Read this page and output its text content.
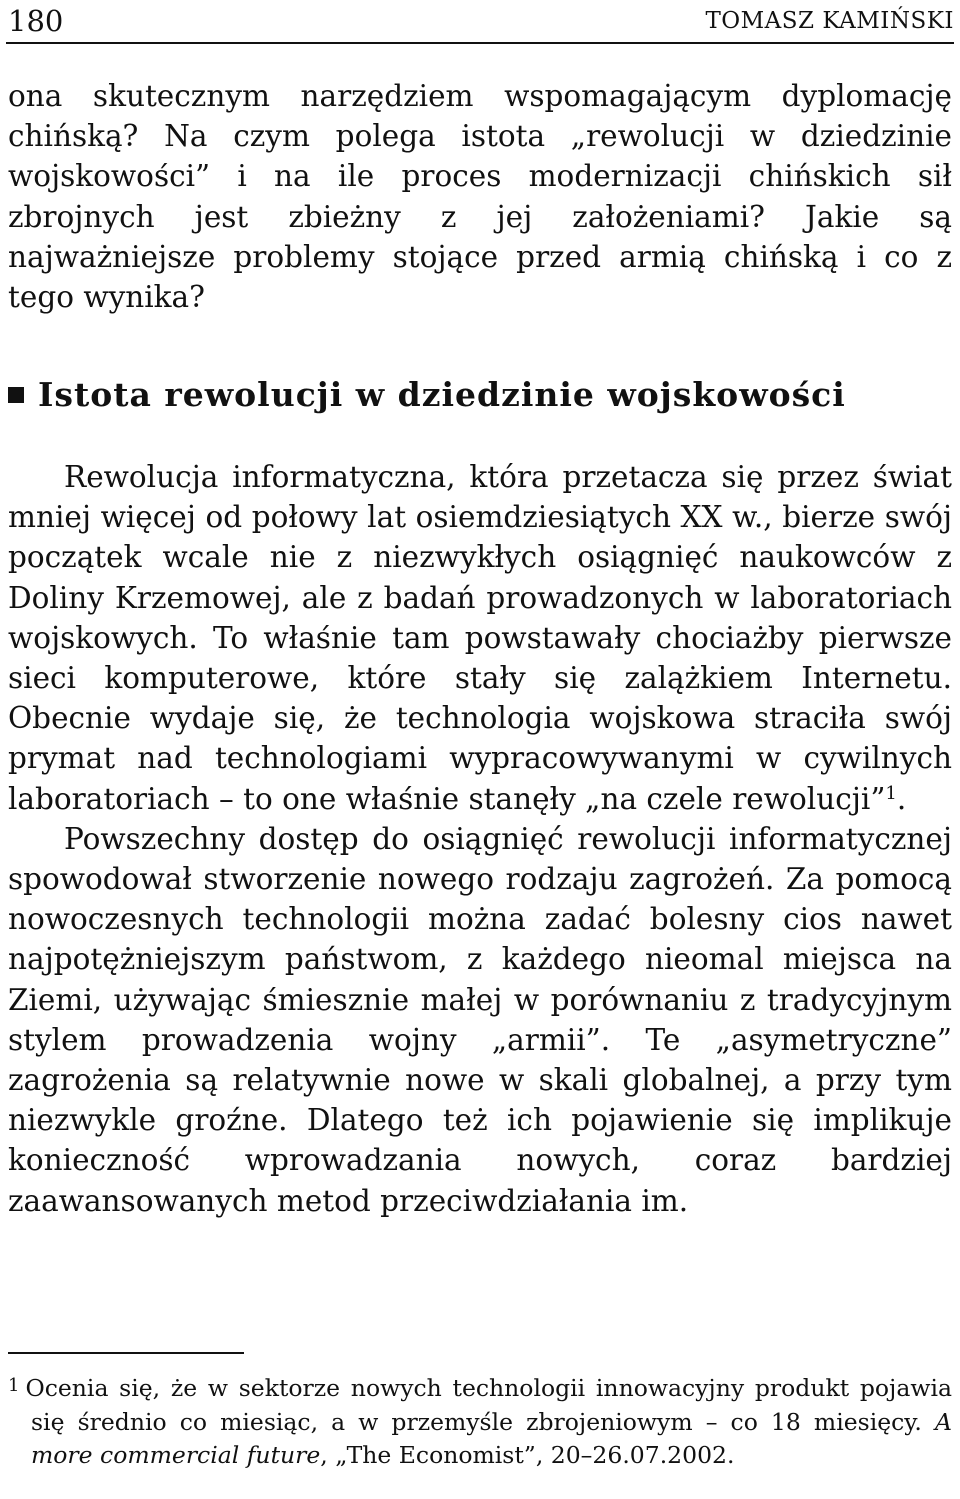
180	TOMASZ KAMIŃSKI

ona skutecznym narzędziem wspomagającym dyplomację chińską? Na czym polega istota „rewolucji w dziedzinie wojskowości” i na ile proces modernizacji chińskich sił zbrojnych jest zbieżny z jej założeniami? Jakie są najważniejsze problemy stojące przed armią chińską i co z tego wynika?

Istota rewolucji w dziedzinie wojskowości

Rewolucja informatyczna, która przetacza się przez świat mniej więcej od połowy lat osiemdziesiątych XX w., bierze swój początek wcale nie z niezwykłych osiągnięć naukowców z Doliny Krzemowej, ale z badań prowadzonych w laboratoriach wojskowych. To właśnie tam powstawały chociażby pierwsze sieci komputerowe, które stały się zalążkiem Internetu. Obecnie wydaje się, że technologia wojskowa straciła swój prymat nad technologiami wypracowywanymi w cywilnych laboratoriach – to one właśnie stanęły „na czele rewolucji”$^1$.

Powszechny dostęp do osiągnięć rewolucji informatycznej spowodował stworzenie nowego rodzaju zagrożeń. Za pomocą nowoczesnych technologii można zadać bolesny cios nawet najpotężniejszym państwom, z każdego nieomal miejsca na Ziemi, używając śmiesznie małej w porównaniu z tradycyjnym stylem prowadzenia wojny „armii”. Te „asymetryczne” zagrożenia są relatywnie nowe w skali globalnej, a przy tym niezwykle groźne. Dlatego też ich pojawienie się implikuje konieczność wprowadzania nowych, coraz bardziej zaawansowanych metod przeciwdziałania im.

$^1$ Ocenia się, że w sektorze nowych technologii innowacyjny produkt pojawia się średnio co miesiąc, a w przemyśle zbrojeniowym – co 18 miesięcy. A more commercial future, „The Economist”, 20–26.07.2002.
